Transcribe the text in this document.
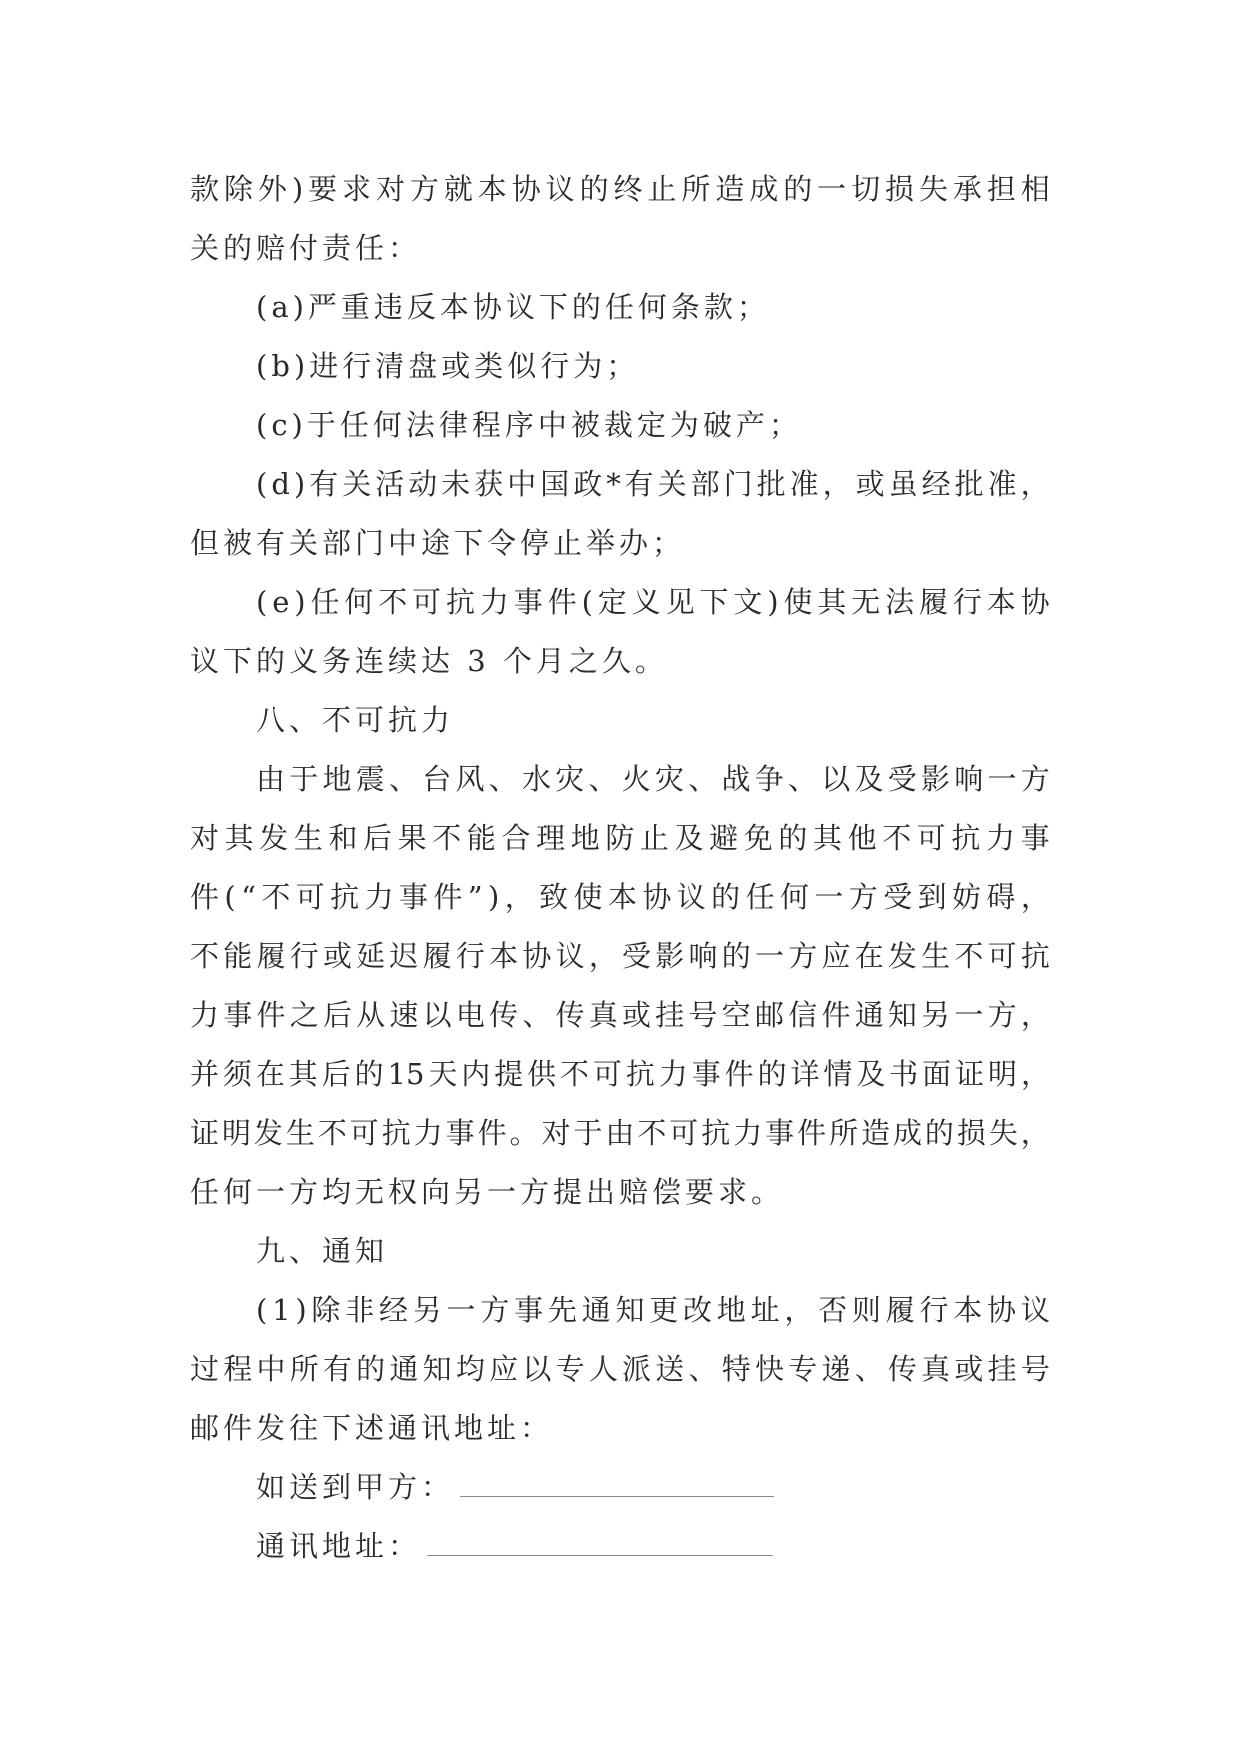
款 除 外 ) 要 求 对 方 就 本 协 议 的 终 止 所 造 成 的 一 切 损 失 承 担 相
关的赔付责任：
(a)严重违反本协议下的任何条款；
(b)进行清盘或类似行为；
(c)于任何法律程序中被裁定为破产；
( d ) 有 关 活 动 未 获 中 国 政 * 有 关 部 门 批 准 ， 或 虽 经 批 准 ，
但被有关部门中途下令停止举办；
( e ) 任 何 不 可 抗 力 事 件 ( 定 义 见 下 文 ) 使 其 无 法 履 行 本 协
议下的义务连续达 3 个月之久。
八、不可抗力
由 于 地 震 、 台 风 、 水 灾 、 火 灾 、 战 争 、 以 及 受 影 响 一 方
对 其 发 生 和 后 果 不 能 合 理 地 防 止 及 避 免 的 其 他 不 可 抗 力 事
件 ( “ 不 可 抗 力 事 件 ” ) ， 致 使 本 协 议 的 任 何 一 方 受 到 妨 碍 ，
不 能 履 行 或 延 迟 履 行 本 协 议 ， 受 影 响 的 一 方 应 在 发 生 不 可 抗
力 事 件 之 后 从 速 以 电 传 、 传 真 或 挂 号 空 邮 信 件 通 知 另 一 方 ，
并 须 在 其 后 的 15 天 内 提 供 不 可 抗 力 事 件 的 详 情 及 书 面 证 明 ，
证 明 发 生 不 可 抗 力 事 件 。 对 于 由 不 可 抗 力 事 件 所 造 成 的 损 失 ，
任何一方均无权向另一方提出赔偿要求。
九、通知
( 1 ) 除 非 经 另 一 方 事 先 通 知 更 改 地 址 ， 否 则 履 行 本 协 议
过 程 中 所 有 的 通 知 均 应 以 专 人 派 送 、 特 快 专 递 、 传 真 或 挂 号
邮件发往下述通讯地址：
如送到甲方：
通讯地址：
